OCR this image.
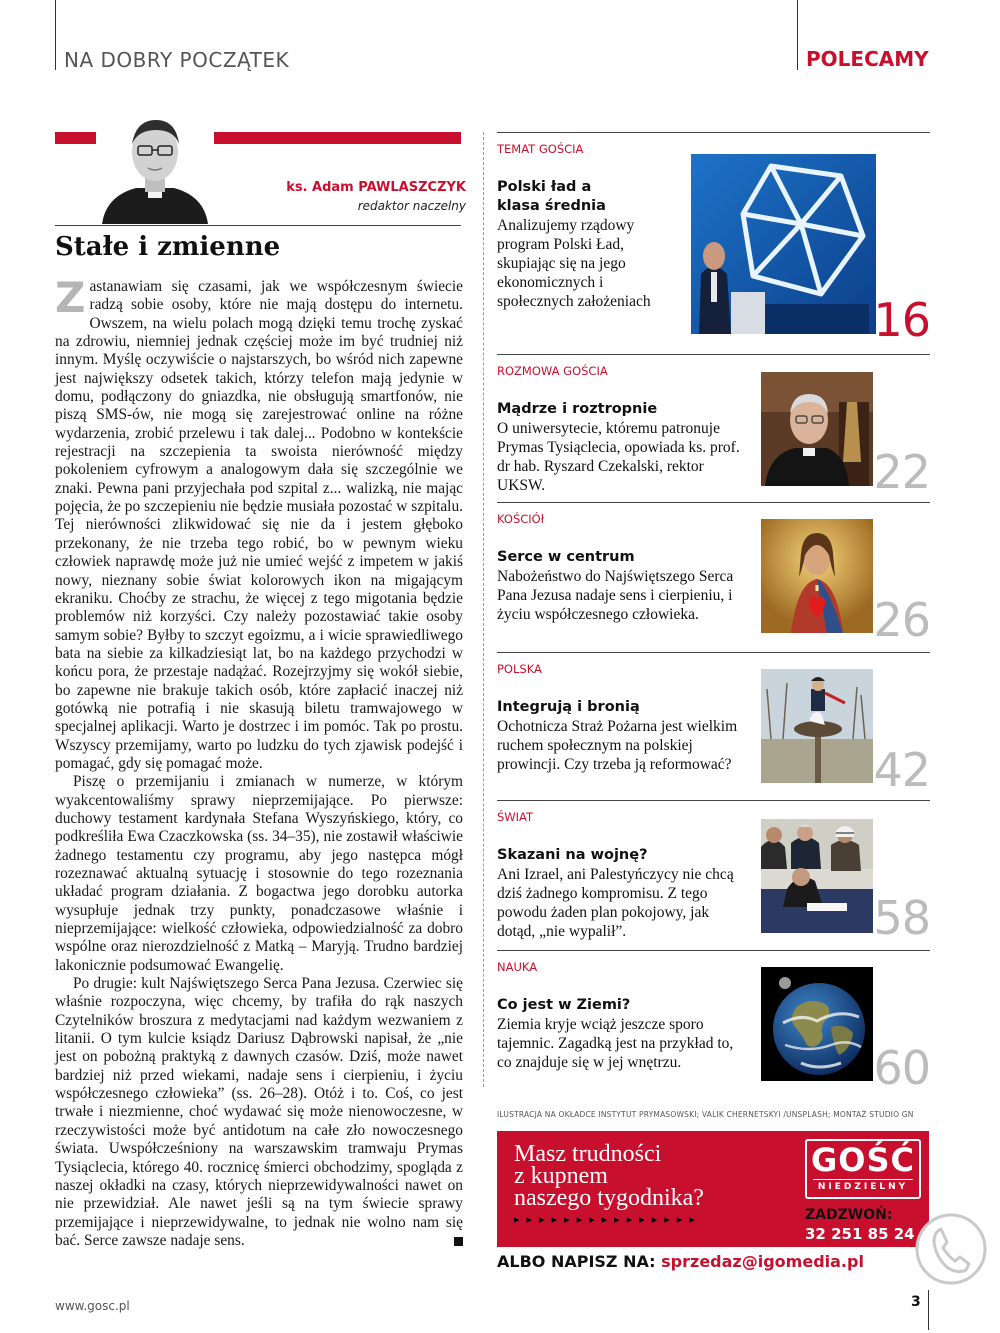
NA DOBRY POCZĄTEK	POLECAMY
ks. Adam PAWLASZCZYK
redaktor naczelny
Stałe i zmienne

Zastanawiam się czasami, jak we współczesnym świecie radzą sobie osoby, które nie mają dostępu do internetu. Owszem, na wielu polach mogą dzięki temu trochę zyskać na zdrowiu, niemniej jednak częściej może im być trudniej niż innym. Myślę oczywiście o najstarszych, bo wśród nich zapewne jest największy odsetek takich, którzy telefon mają jedynie w domu, podłączony do gniazdka, nie obsługują smartfonów, nie piszą SMS-ów, nie mogą się zarejestrować online na różne wydarzenia, zrobić przelewu i tak dalej... Podobno w kontekście rejestracji na szczepienia ta swoista nierówność między pokoleniem cyfrowym a analogowym dała się szczególnie we znaki. Pewna pani przyjechała pod szpital z... walizką, nie mając pojęcia, że po szczepieniu nie będzie musiała pozostać w szpitalu. Tej nierówności zlikwidować się nie da i jestem głęboko przekonany, że nie trzeba tego robić, bo w pewnym wieku człowiek naprawdę może już nie umieć wejść z impetem w jakiś nowy, nieznany sobie świat kolorowych ikon na migającym ekraniku. Choćby ze strachu, że więcej z tego migotania będzie problemów niż korzyści. Czy należy pozostawiać takie osoby samym sobie? Byłby to szczyt egoizmu, a i wicie sprawiedliwego bata na siebie za kilkadziesiąt lat, bo na każdego przychodzi w końcu pora, że przestaje nadążać. Rozejrzyjmy się wokół siebie, bo zapewne nie brakuje takich osób, które zapłacić inaczej niż gotówką nie potrafią i nie skasują biletu tramwajowego w specjalnej aplikacji. Warto je dostrzec i im pomóc. Tak po prostu. Wszyscy przemijamy, warto po ludzku do tych zjawisk podejść i pomagać, gdy się pomagać może.

Piszę o przemijaniu i zmianach w numerze, w którym wyakcentowaliśmy sprawy nieprzemijające. Po pierwsze: duchowy testament kardynała Stefana Wyszyńskiego, który, co podkreśliła Ewa Czaczkowska (ss. 34–35), nie zostawił właściwie żadnego testamentu czy programu, aby jego następca mógł rozeznawać aktualną sytuację i stosownie do tego rozeznania układać program działania. Z bogactwa jego dorobku autorka wysupłuje jednak trzy punkty, ponadczasowe właśnie i nieprzemijające: wielkość człowieka, odpowiedzialność za dobro wspólne oraz nierozdzielność z Matką – Maryją. Trudno bardziej lakonicznie podsumować Ewangelię.

Po drugie: kult Najświętszego Serca Pana Jezusa. Czerwiec się właśnie rozpoczyna, więc chcemy, by trafiła do rąk naszych Czytelników broszura z medytacjami nad każdym wezwaniem z litanii. O tym kulcie ksiądz Dariusz Dąbrowski napisał, że „nie jest on pobożną praktyką z dawnych czasów. Dziś, może nawet bardziej niż przed wiekami, nadaje sens i cierpieniu, i życiu współczesnego człowieka” (ss. 26–28). Otóż i to. Coś, co jest trwałe i niezmienne, choć wydawać się może nienowoczesne, w rzeczywistości może być antidotum na całe zło nowoczesnego świata. Uwspółcześniony na warszawskim tramwaju Prymas Tysiąclecia, którego 40. rocznicę śmierci obchodzimy, spogląda z naszej okładki na czasy, których nieprzewidywalności nawet on nie przewidział. Ale nawet jeśli są na tym świecie sprawy przemijające i nieprzewidywalne, to jednak nie wolno nam się bać. Serce zawsze nadaje sens.

TEMAT GOŚCIA
Polski ład a klasa średnia
Analizujemy rządowy program Polski Ład, skupiając się na jego ekonomicznych i społecznych założeniach	16
ROZMOWA GOŚCIA
Mądrze i roztropnie
O uniwersytecie, któremu patronuje Prymas Tysiąclecia, opowiada ks. prof. dr hab. Ryszard Czekalski, rektor UKSW.	22
KOŚCIÓł
Serce w centrum
Nabożeństwo do Najświętszego Serca Pana Jezusa nadaje sens i cierpieniu, i życiu współczesnego człowieka.	26
POLSKA
Integrują i bronią
Ochotnicza Straż Pożarna jest wielkim ruchem społecznym na polskiej prowincji. Czy trzeba ją reformować?	42
ŚWIAT
Skazani na wojnę?
Ani Izrael, ani Palestyńczycy nie chcą dziś żadnego kompromisu. Z tego powodu żaden plan pokojowy, jak dotąd, „nie wypalił”.	58
NAUKA
Co jest w Ziemi?
Ziemia kryje wciąż jeszcze sporo tajemnic. Zagadką jest na przykład to, co znajduje się w jej wnętrzu.	60
ILUSTRACJA NA OKŁADCE INSTYTUT PRYMASOWSKI; VALIK CHERNETSKYI /UNSPLASH; MONTAŻ STUDIO GN
Masz trudności
z kupnem
naszego tygodnika?
▸▸▸▸▸▸▸▸▸▸▸▸▸▸▸
GOŚĆ
NIEDZIELNY
ZADZWOŃ:
32 251 85 24
ALBO NAPISZ NA: sprzedaz@igomedia.pl
www.gosc.pl	3
